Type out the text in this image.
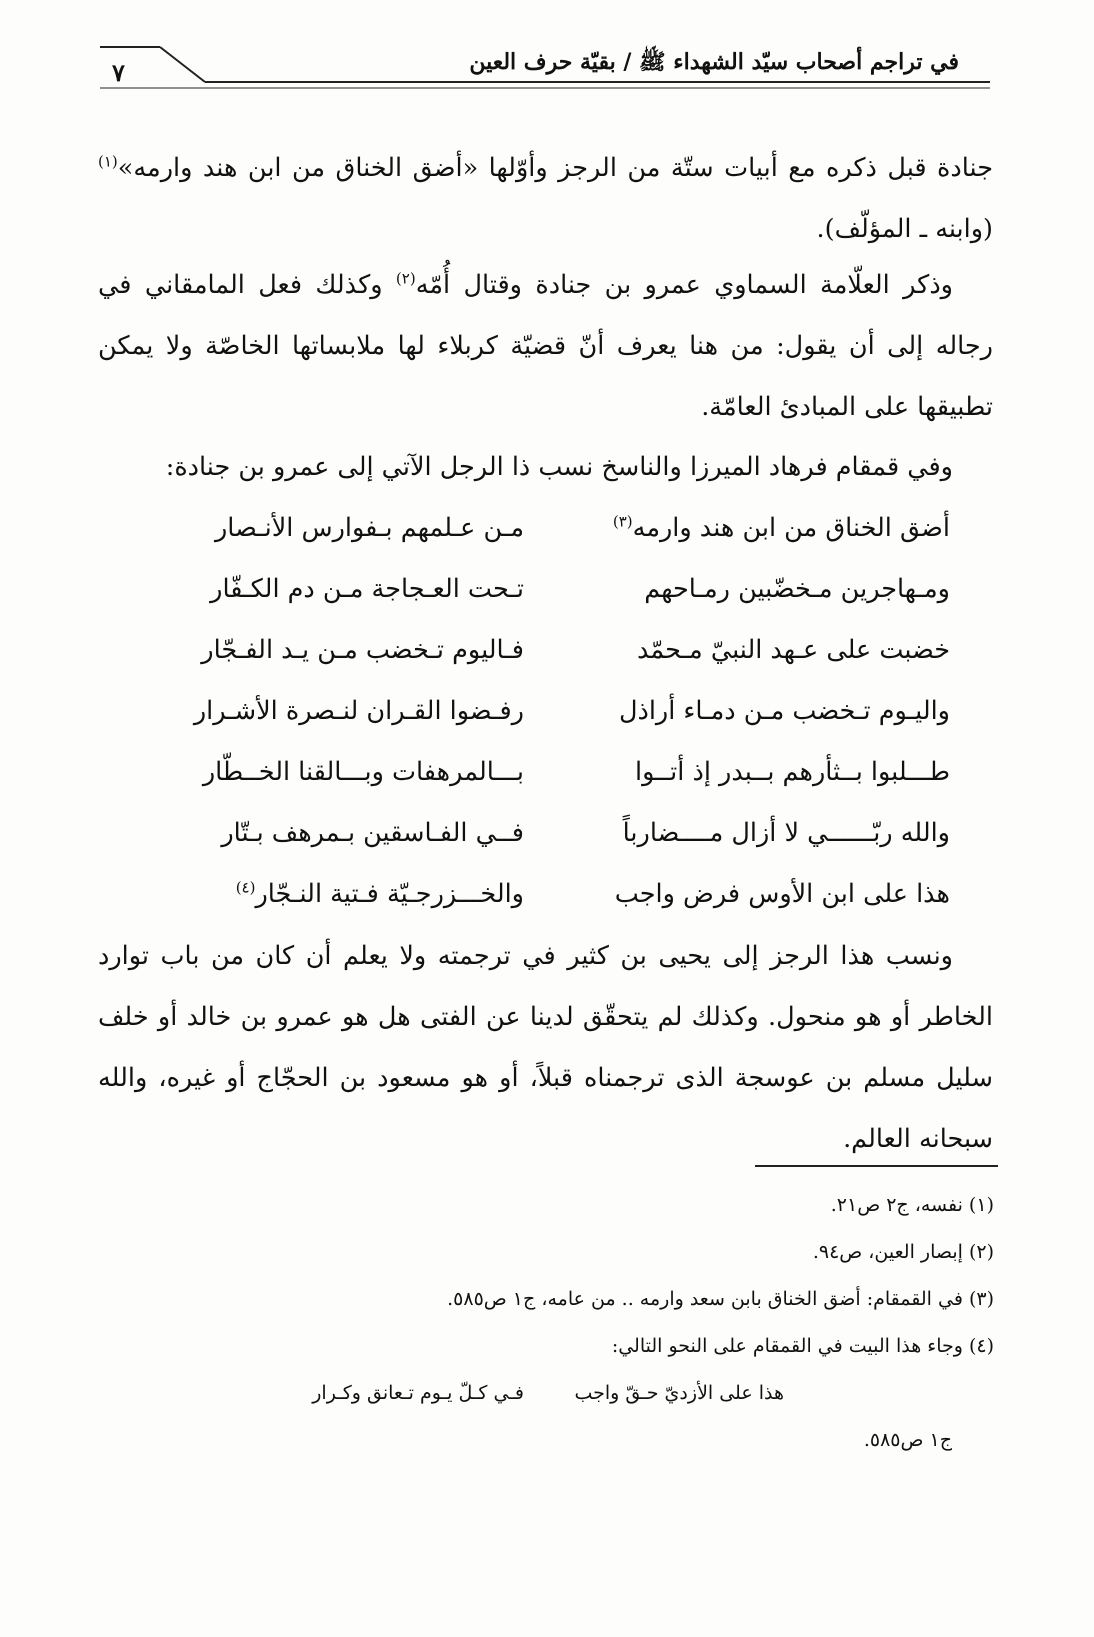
في تراجم أصحاب سيّد الشهداء ﷺ / بقيّة حرف العين
٧

جنادة قبل ذكره مع أبيات ستّة من الرجز وأوّلها «أضق الخناق من ابن هند وارمه»$^{(١)}$ (وابنه ـ المؤلّف).

وذكر العلّامة السماوي عمرو بن جنادة وقتال أُمّه$^{(٢)}$ وكذلك فعل المامقاني في رجاله إلى أن يقول: من هنا يعرف أنّ قضيّة كربلاء لها ملابساتها الخاصّة ولا يمكن تطبيقها على المبادئ العامّة.

وفي قمقام فرهاد الميرزا والناسخ نسب ذا الرجل الآتي إلى عمرو بن جنادة:

أضق الخناق من ابن هند وارمه$^{(٣)}$
مـن عـلمهم بـفوارس الأنـصار
ومـهاجرين مـخضّبين رمـاحهم
تـحت العـجاجة مـن دم الكـفّار
خضبت على عـهد النبيّ مـحمّد
فـاليوم تـخضب مـن يـد الفـجّار
واليـوم تـخضب مـن دمـاء أراذل
رفـضوا القـران لنـصرة الأشـرار
طـــلبوا بــثأرهم بــبدر إذ أتــوا
بـــالمرهفات وبـــالقنا الخــطّار
والله ربّــــــي لا أزال مــــضارباً
فــي الفـاسقين بـمرهف بـتّار
هذا على ابن الأوس فرض واجب
والخـــزرجـيّة فـتية النـجّار$^{(٤)}$

ونسب هذا الرجز إلى يحيى بن كثير في ترجمته ولا يعلم أن كان من باب توارد الخاطر أو هو منحول. وكذلك لم يتحقّق لدينا عن الفتى هل هو عمرو بن خالد أو خلف سليل مسلم بن عوسجة الذى ترجمناه قبلاً، أو هو مسعود بن الحجّاج أو غيره، والله سبحانه العالم.

(١) نفسه، ج٢ ص٢١.
(٢) إبصار العين، ص٩٤.
(٣) في القمقام: أضق الخناق بابن سعد وارمه .. من عامه، ج١ ص٥٨٥.
(٤) وجاء هذا البيت في القمقام على النحو التالي:
هذا على الأزديّ حـقّ واجب
فـي كـلّ يـوم تـعانق وكـرار
ج١ ص٥٨٥.
